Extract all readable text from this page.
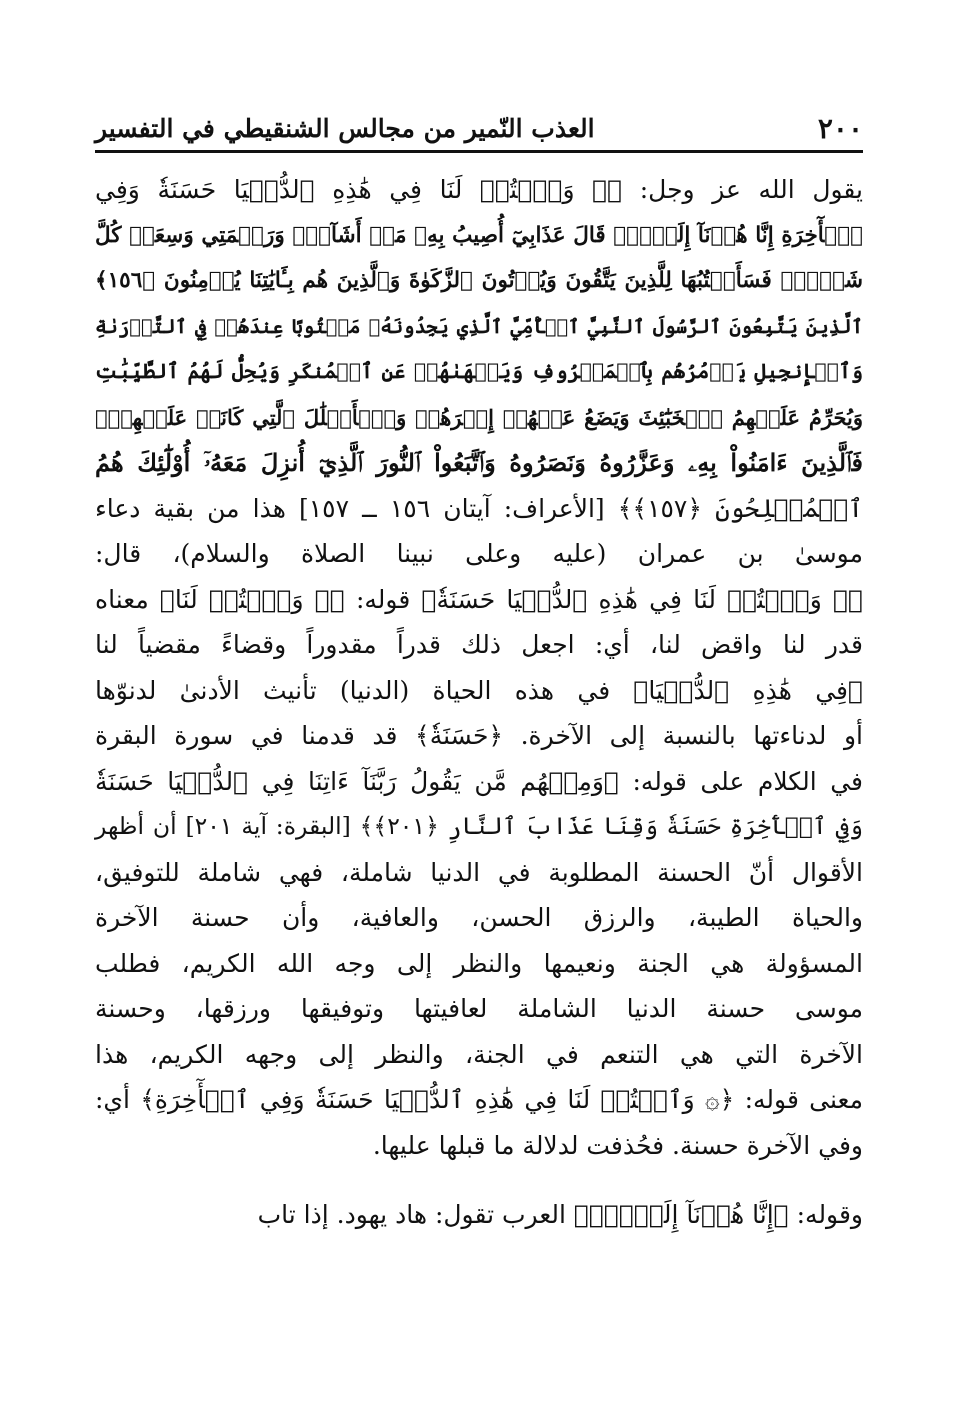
٢٠٠
العذب النّمير من مجالس الشنقيطي في التفسير
يقول الله عز وجل: ﴿۞ وَٱكۡتُبۡ لَنَا فِي هَٰذِهِ ٱلدُّنۡيَا حَسَنَةٗ وَفِي
ٱلۡأٓخِرَةِ إِنَّا هُدۡنَآ إِلَيۡكَۚ قَالَ عَذَابِيٓ أُصِيبُ بِهِۦ مَنۡ أَشَآءُۖ وَرَحۡمَتِي وَسِعَتۡ كُلَّ
شَيۡءٖۚ فَسَأَكۡتُبُهَا لِلَّذِينَ يَتَّقُونَ وَيُؤۡتُونَ ٱلزَّكَوٰةَ وَٱلَّذِينَ هُم بِـَٔايَٰتِنَا يُؤۡمِنُونَ ﴿١٥٦﴾
ٱلَّذِينَ يَتَّبِعُونَ ٱلرَّسُولَ ٱلنَّبِيَّ ٱلۡأُمِّيَّ ٱلَّذِي يَجِدُونَهُۥ مَكۡتُوبًا عِندَهُمۡ فِي ٱلتَّوۡرَىٰةِ
وَٱلۡإِنجِيلِ يَأۡمُرُهُم بِٱلۡمَعۡرُوفِ وَيَنۡهَىٰهُمۡ عَنِ ٱلۡمُنكَرِ وَيُحِلُّ لَهُمُ ٱلطَّيِّبَٰتِ
وَيُحَرِّمُ عَلَيۡهِمُ ٱلۡخَبَٰٓئِثَ وَيَضَعُ عَنۡهُمۡ إِصۡرَهُمۡ وَٱلۡأَغۡلَٰلَ ٱلَّتِي كَانَتۡ عَلَيۡهِمۡۚ
فَٱلَّذِينَ ءَامَنُواْ بِهِۦ وَعَزَّرُوهُ وَنَصَرُوهُ وَٱتَّبَعُواْ ٱلنُّورَ ٱلَّذِيٓ أُنزِلَ مَعَهُۥٓ أُوْلَٰٓئِكَ هُمُ
ٱلۡمُفۡلِحُونَ ﴿١٥٧﴾﴾ [الأعراف: آيتان ١٥٦ ــ ١٥٧] هذا من بقية دعاء
موسىٰ بن عمران (عليه وعلى نبينا الصلاة والسلام)، قال:
﴿۞ وَٱكۡتُبۡ لَنَا فِي هَٰذِهِ ٱلدُّنۡيَا حَسَنَةٗ﴾ قوله: ﴿۞ وَٱكۡتُبۡ لَنَا﴾ معناه
قدر لنا واقض لنا، أي: اجعل ذلك قدراً مقدوراً وقضاءً مقضياً لنا
﴿فِي هَٰذِهِ ٱلدُّنۡيَا﴾ في هذه الحياة (الدنيا) تأنيث الأدنىٰ لدنوّها
أو لدناءتها بالنسبة إلى الآخرة. ﴿حَسَنَةٗ﴾ قد قدمنا في سورة البقرة
في الكلام على قوله: ﴿وَمِنۡهُم مَّن يَقُولُ رَبَّنَآ ءَاتِنَا فِي ٱلدُّنۡيَا حَسَنَةٗ
وَفِي ٱلۡأٓخِرَةِ حَسَنَةٗ وَقِنَا عَذَابَ ٱلنَّارِ ﴿٢٠١﴾﴾ [البقرة: آية ٢٠١] أن أظهر
الأقوال أنّ الحسنة المطلوبة في الدنيا شاملة، فهي شاملة للتوفيق،
والحياة الطيبة، والرزق الحسن، والعافية، وأن حسنة الآخرة
المسؤولة هي الجنة ونعيمها والنظر إلى وجه الله الكريم، فطلب
موسى حسنة الدنيا الشاملة لعافيتها وتوفيقها ورزقها، وحسنة
الآخرة التي هي التنعم في الجنة، والنظر إلى وجهه الكريم، هذا
معنى قوله: ﴿۞ وَٱكۡتُبۡ لَنَا فِي هَٰذِهِ ٱلدُّنۡيَا حَسَنَةٗ وَفِي ٱلۡأٓخِرَةِ﴾ أي:
وفي الآخرة حسنة. فحُذفت لدلالة ما قبلها عليها.
وقوله: ﴿إِنَّا هُدۡنَآ إِلَيۡكَۚ﴾ العرب تقول: هاد يهود. إذا تاب
